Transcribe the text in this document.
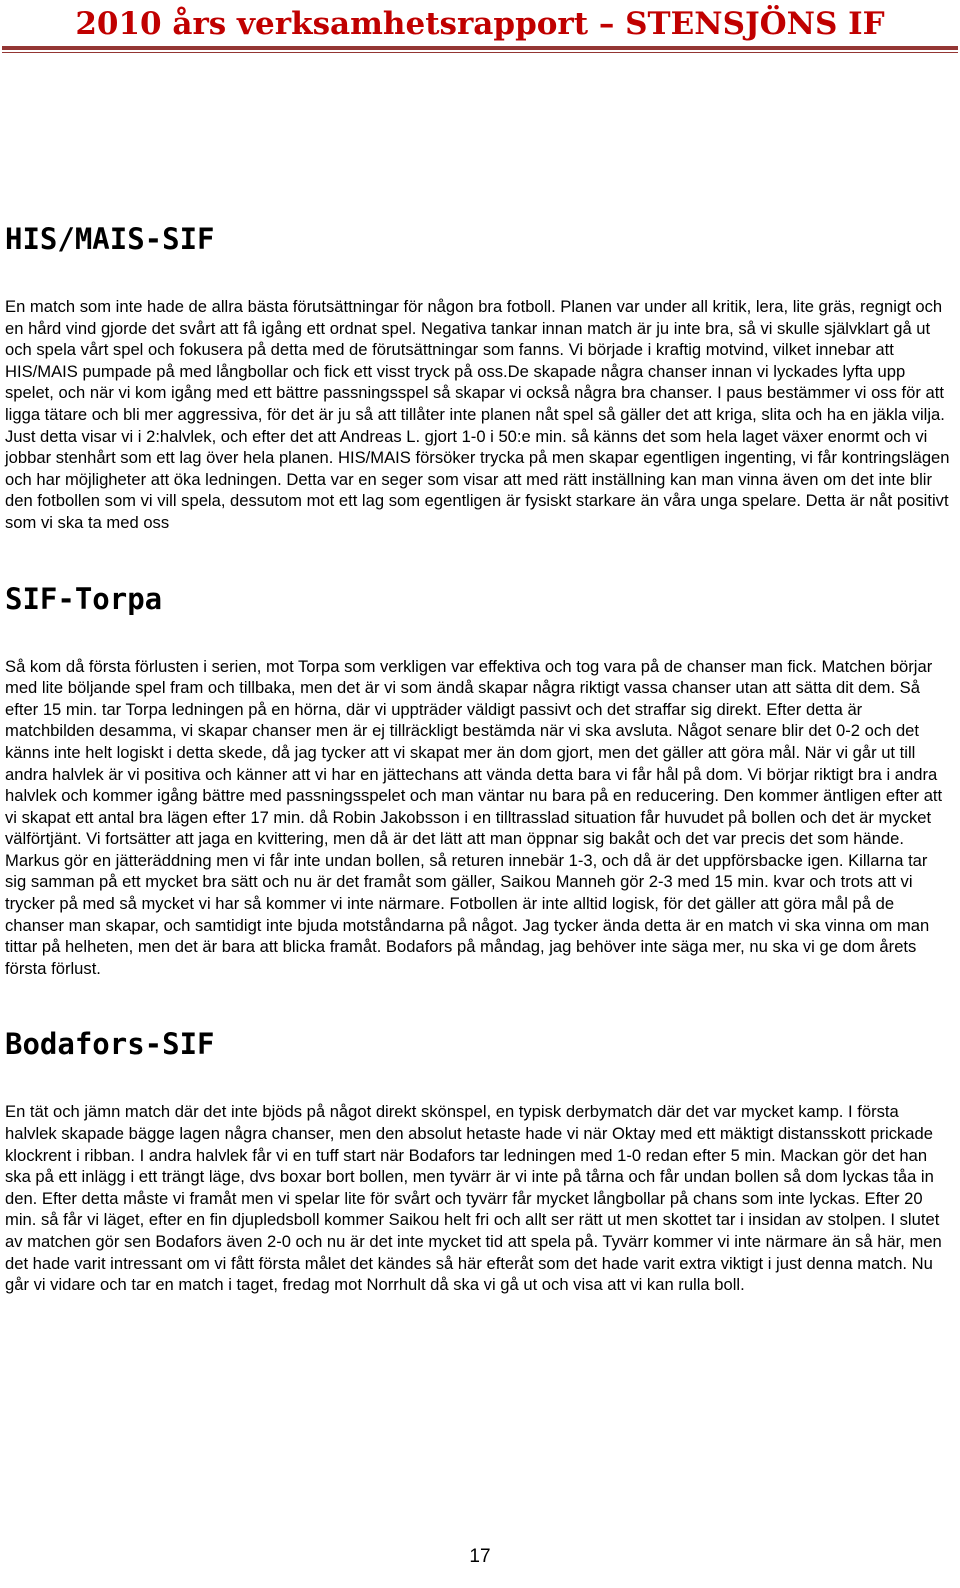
2010 års verksamhetsrapport – STENSJÖNS IF
HIS/MAIS-SIF

En match som inte hade de allra bästa förutsättningar för någon bra fotboll. Planen var under all kritik, lera, lite gräs, regnigt och en hård vind gjorde det svårt att få igång ett ordnat spel. Negativa tankar innan match är ju inte bra, så vi skulle självklart gå ut och spela vårt spel och fokusera på detta med de förutsättningar som fanns. Vi började i kraftig motvind, vilket innebar att HIS/MAIS pumpade på med långbollar och fick ett visst tryck på oss.De skapade några chanser innan vi lyckades lyfta upp spelet, och när vi kom igång med ett bättre passningsspel så skapar vi också några bra chanser. I paus bestämmer vi oss för att ligga tätare och bli mer aggressiva, för det är ju så att tillåter inte planen nåt spel så gäller det att kriga, slita och ha en jäkla vilja. Just detta visar vi i 2:halvlek, och efter det att Andreas L. gjort 1-0 i 50:e min. så känns det som hela laget växer enormt och vi jobbar stenhårt som ett lag över hela planen. HIS/MAIS försöker trycka på men skapar egentligen ingenting, vi får kontringslägen och har möjligheter att öka ledningen. Detta var en seger som visar att med rätt inställning kan man vinna även om det inte blir den fotbollen som vi vill spela, dessutom mot ett lag som egentligen är fysiskt starkare än våra unga spelare. Detta är nåt positivt som vi ska ta med oss

SIF-Torpa

Så kom då första förlusten i serien, mot Torpa som verkligen var effektiva och tog vara på de chanser man fick. Matchen börjar med lite böljande spel fram och tillbaka, men det är vi som ändå skapar några riktigt vassa chanser utan att sätta dit dem. Så efter 15 min. tar Torpa ledningen på en hörna, där vi uppträder väldigt passivt och det straffar sig direkt. Efter detta är matchbilden desamma, vi skapar chanser men är ej tillräckligt bestämda när vi ska avsluta. Något senare blir det 0-2 och det känns inte helt logiskt i detta skede, då jag tycker att vi skapat mer än dom gjort, men det gäller att göra mål. När vi går ut till andra halvlek är vi positiva och känner att vi har en jättechans att vända detta bara vi får hål på dom. Vi börjar riktigt bra i andra halvlek och kommer igång bättre med passningsspelet och man väntar nu bara på en reducering. Den kommer äntligen efter att vi skapat ett antal bra lägen efter 17 min. då Robin Jakobsson i en tilltrasslad situation får huvudet på bollen och det är mycket välförtjänt. Vi fortsätter att jaga en kvittering, men då är det lätt att man öppnar sig bakåt och det var precis det som hände. Markus gör en jätteräddning men vi får inte undan bollen, så returen innebär 1-3, och då är det uppförsbacke igen. Killarna tar sig samman på ett mycket bra sätt och nu är det framåt som gäller, Saikou Manneh gör 2-3 med 15 min. kvar och trots att vi trycker på med så mycket vi har så kommer vi inte närmare. Fotbollen är inte alltid logisk, för det gäller att göra mål på de chanser man skapar, och samtidigt inte bjuda motståndarna på något. Jag tycker ända detta är en match vi ska vinna om man tittar på helheten, men det är bara att blicka framåt. Bodafors på måndag, jag behöver inte säga mer, nu ska vi ge dom årets första förlust.

Bodafors-SIF

En tät och jämn match där det inte bjöds på något direkt skönspel, en typisk derbymatch där det var mycket kamp. I första halvlek skapade bägge lagen några chanser, men den absolut hetaste hade vi när Oktay med ett mäktigt distansskott prickade klockrent i ribban. I andra halvlek får vi en tuff start när Bodafors tar ledningen med 1-0 redan efter 5 min. Mackan gör det han ska på ett inlägg i ett trängt läge, dvs boxar bort bollen, men tyvärr är vi inte på tårna och får undan bollen så dom lyckas tåa in den. Efter detta måste vi framåt men vi spelar lite för svårt och tyvärr får mycket långbollar på chans som inte lyckas. Efter 20 min. så får vi läget, efter en fin djupledsboll kommer Saikou helt fri och allt ser rätt ut men skottet tar i insidan av stolpen. I slutet av matchen gör sen Bodafors även 2-0 och nu är det inte mycket tid att spela på. Tyvärr kommer vi inte närmare än så här, men det hade varit intressant om vi fått första målet det kändes så här efteråt som det hade varit extra viktigt i just denna match. Nu går vi vidare och tar en match i taget, fredag mot Norrhult då ska vi gå ut och visa att vi kan rulla boll.

17
